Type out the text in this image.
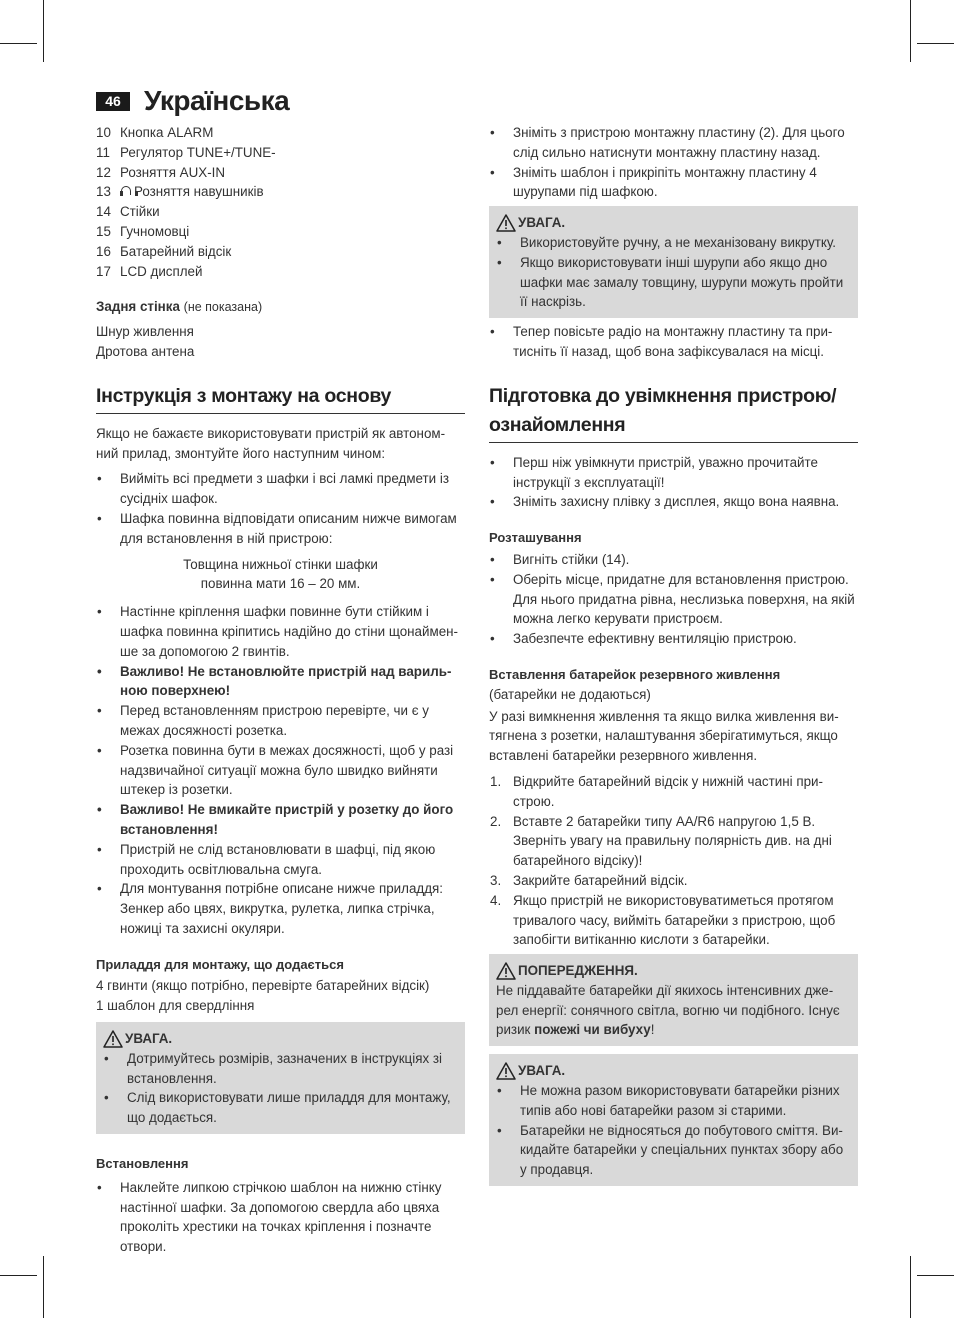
46 Українська
10 Кнопка ALARM
11 Регулятор TUNE+/TUNE-
12 Розняття AUX-IN
13	Розняття навушників
14 Стійки
15 Гучномовці
16 Батарейний відсік
17 LCD дисплей
Задня стінка (не показана)
Шнур живлення
Дротова антена
Інструкція з монтажу на основу
Якщо не бажаєте використовувати пристрій як автоном-ний прилад, змонтуйте його наступним чином:
•	Вийміть всі предмети з шафки і всі ламкі предмети із сусідніх шафок.
•	Шафка повинна відповідати описаним нижче вимогам для встановлення в ній пристрою:
Товщина нижньої стінки шафки
повинна мати 16 – 20 мм.
•	Настінне кріплення шафки повинне бути стійким і шафка повинна кріпитись надійно до стіни щонаймен-ше за допомогою 2 гвинтів.
•	Важливо! Не встановлюйте пристрій над вариль-ною поверхнею!
•	Перед встановленням пристрою перевірте, чи є у межах досяжності розетка.
•	Розетка повинна бути в межах досяжності, щоб у разі надзвичайної ситуації можна було швидко вийняти штекер із розетки.
•	Важливо! Не вмикайте пристрій у розетку до його встановлення!
•	Пристрій не слід встановлювати в шафці, під якою проходить освітлювальна смуга.
•	Для монтування потрібне описане нижче приладдя: Зенкер або цвях, викрутка, рулетка, липка стрічка, ножиці та захисні окуляри.
Приладдя для монтажу, що додається
4 гвинти (якщо потрібно, перевірте батарейних відсік)
1 шаблон для свердління
УВАГА.
•	Дотримуйтесь розмірів, зазначених в інструкціях зі встановлення.
•	Слід використовувати лише приладдя для монтажу, що додається.
Встановлення
•	Наклейте липкою стрічкою шаблон на нижню стінку настінної шафки. За допомогою свердла або цвяха проколіть хрестики на точках кріплення і позначте отвори.
•	Зніміть з пристрою монтажну пластину (2). Для цього слід сильно натиснути монтажну пластину назад.
•	Зніміть шаблон і прикріпіть монтажну пластину 4 шурупами під шафкою.
УВАГА.
•	Використовуйте ручну, а не механізовану викрутку.
•	Якщо використовувати інші шурупи або якщо дно шафки має замалу товщину, шурупи можуть пройти її наскрізь.
•	Тепер повісьте радіо на монтажну пластину та при-тисніть її назад, щоб вона зафіксувалася на місці.
Підготовка до увімкнення пристрою/ ознайомлення
•	Перш ніж увімкнути пристрій, уважно прочитайте інструкції з експлуатації!
•	Зніміть захисну плівку з дисплея, якщо вона наявна.
Розташування
•	Вигніть стійки (14).
•	Оберіть місце, придатне для встановлення пристрою. Для нього придатна рівна, неслизька поверхня, на якій можна легко керувати пристроєм.
•	Забезпечте ефективну вентиляцію пристрою.
Вставлення батарейок резервного живлення
(батарейки не додаються)
У разі вимкнення живлення та якщо вилка живлення ви-тягнена з розетки, налаштування зберігатимуться, якщо вставлені батарейки резервного живлення.
1. Відкрийте батарейний відсік у нижній частині при-строю.
2. Вставте 2 батарейки типу AA/R6 напругою 1,5 В. Зверніть увагу на правильну полярність див. на дні батарейного відсіку)!
3. Закрийте батарейний відсік.
4. Якщо пристрій не використовуватиметься протягом тривалого часу, вийміть батарейки з пристрою, щоб запобігти витіканню кислоти з батарейки.
ПОПЕРЕДЖЕННЯ.
Не піддавайте батарейки дії якихось інтенсивних дже-рел енергії: сонячного світла, вогню чи подібного. Існує ризик пожежі чи вибуху!
УВАГА.
•	Не можна разом використовувати батарейки різних типів або нові батарейки разом зі старими.
•	Батарейки не відносяться до побутового сміття. Ви-кидайте батарейки у спеціальних пунктах збору або у продавця.
